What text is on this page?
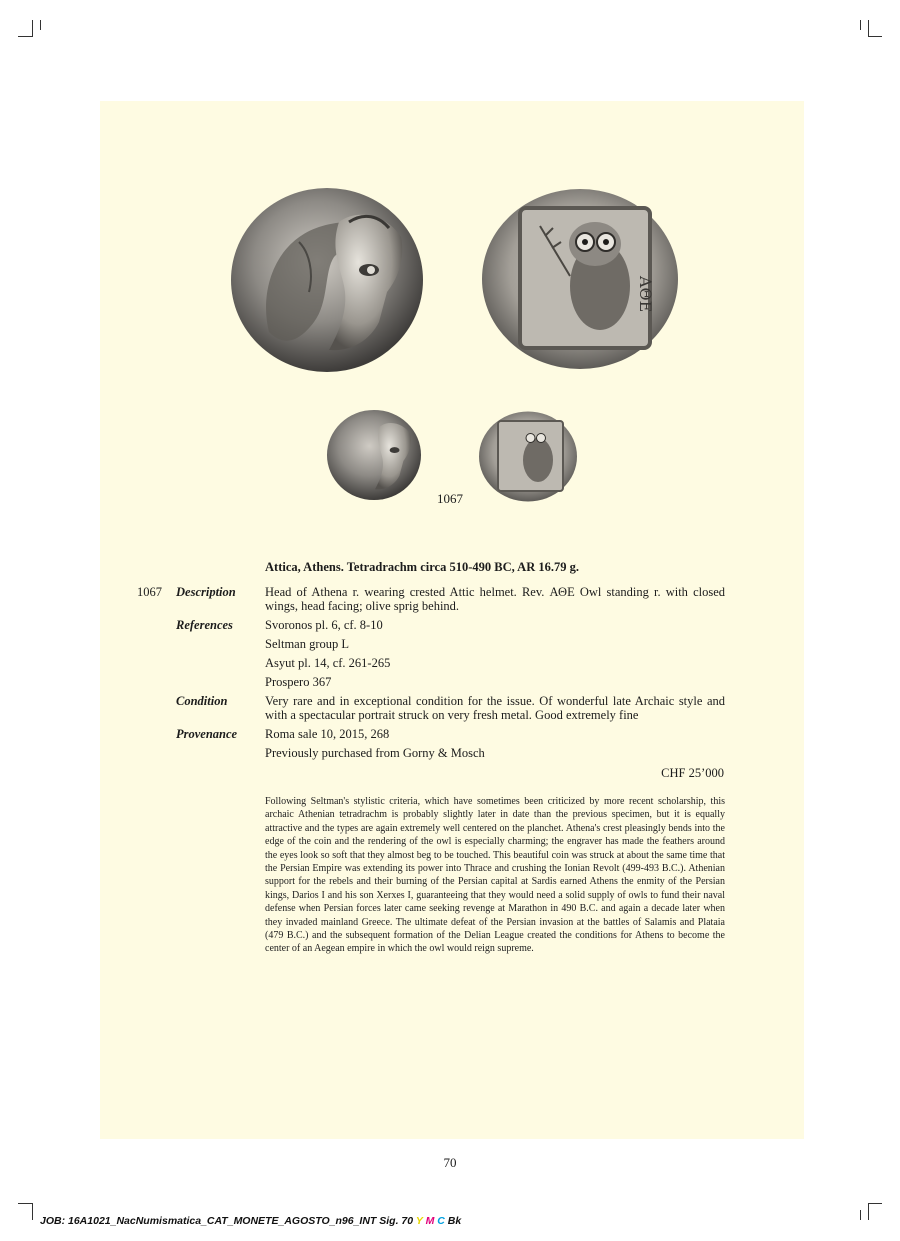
ΑΘΕ
1067
Attica, Athens. Tetradrachm circa 510-490 BC, AR 16.79 g.
1067 Description Head of Athena r. wearing crested Attic helmet. Rev. ΑΘΕ Owl standing r. with closed wings, head facing; olive sprig behind.
References	Svoronos pl. 6, cf. 8-10
Seltman group L
Asyut pl. 14, cf. 261-265
Prospero 367
Condition	Very rare and in exceptional condition for the issue. Of wonderful late Archaic style and with a spectacular portrait struck on very fresh metal. Good extremely fine
Provenance Roma sale 10, 2015, 268
Previously purchased from Gorny & Mosch
CHF 25’000
Following Seltman's stylistic criteria, which have sometimes been criticized by more recent scholarship, this archaic Athenian tetradrachm is probably slightly later in date than the previous specimen, but it is equally attractive and the types are again extremely well centered on the planchet. Athena's crest pleasingly bends into the edge of the coin and the rendering of the owl is especially charming; the engraver has made the feathers around the eyes look so soft that they almost beg to be touched. This beautiful coin was struck at about the same time that the Persian Empire was extending its power into Thrace and crushing the Ionian Revolt (499-493 B.C.). Athenian support for the rebels and their burning of the Persian capital at Sardis earned Athens the enmity of the Persian kings, Darios I and his son Xerxes I, guaranteeing that they would need a solid supply of owls to fund their naval defense when Persian forces later came seeking revenge at Marathon in 490 B.C. and again a decade later when they invaded mainland Greece. The ultimate defeat of the Persian invasion at the battles of Salamis and Plataia (479 B.C.) and the subsequent formation of the Delian League created the conditions for Athens to become the center of an Aegean empire in which the owl would reign supreme.
70
JOB: 16A1021_NacNumismatica_CAT_MONETE_AGOSTO_n96_INT Sig. 70 Y M C Bk
